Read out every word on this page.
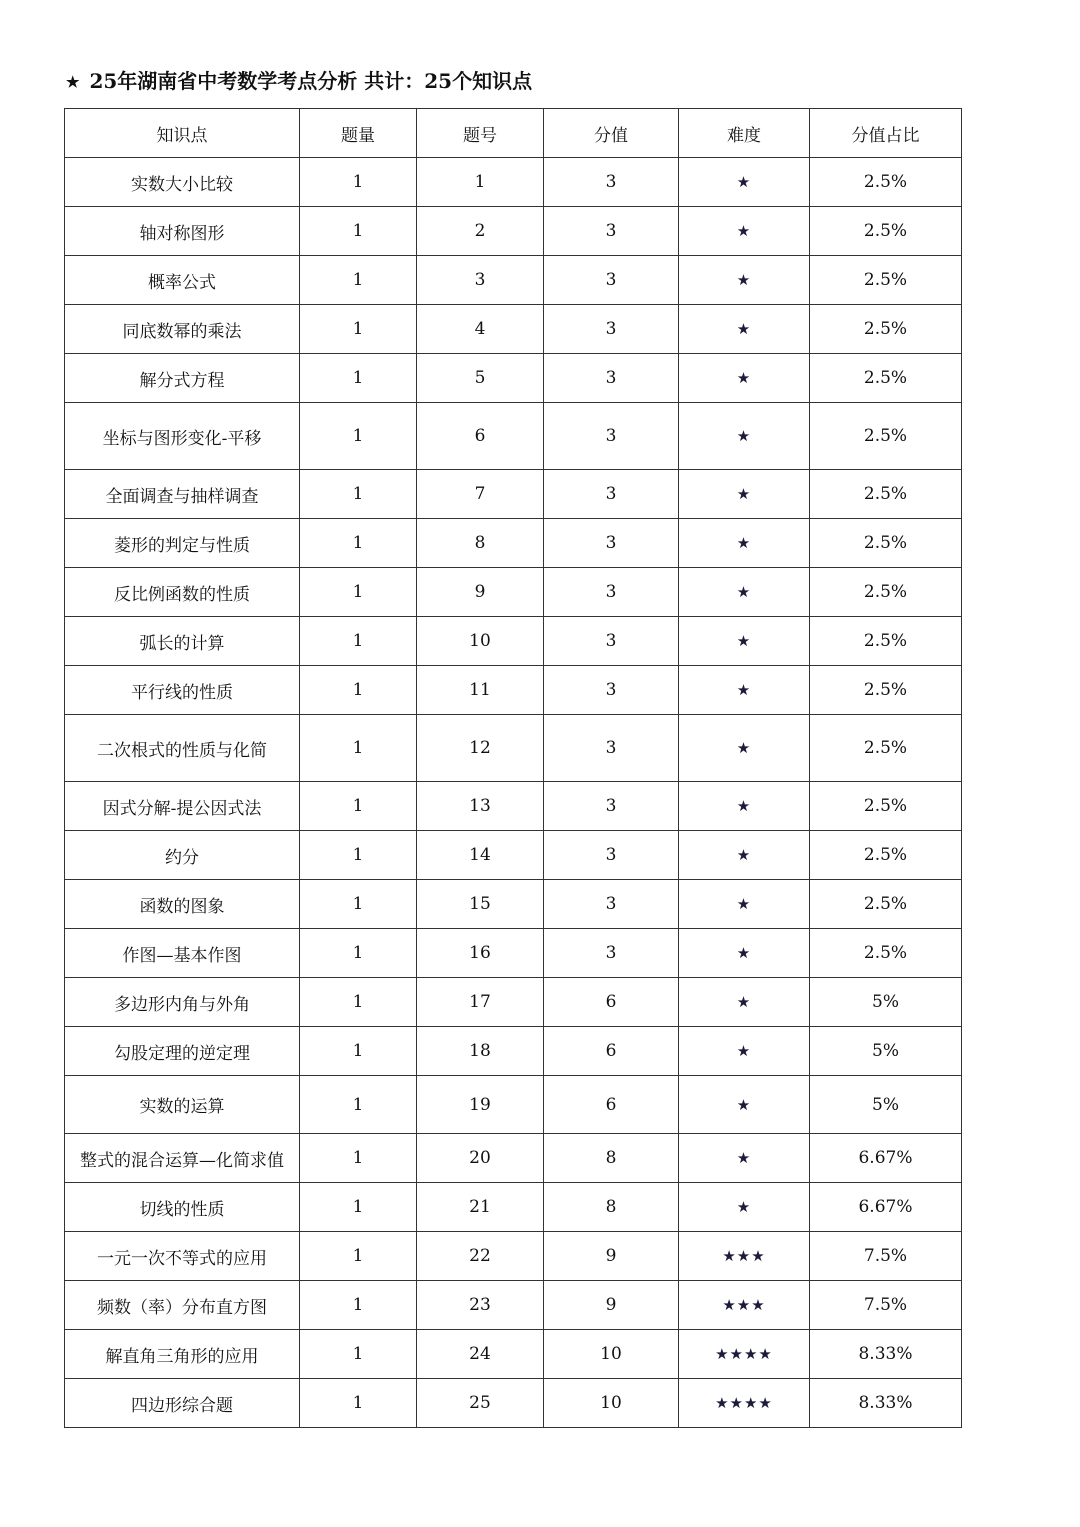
★ 25年湖南省中考数学考点分析 共计：25个知识点
知识点	题量	题号	分值	难度	分值占比
实数大小比较	1	1	3	★	2.5%
轴对称图形	1	2	3	★	2.5%
概率公式	1	3	3	★	2.5%
同底数幂的乘法	1	4	3	★	2.5%
解分式方程	1	5	3	★	2.5%
坐标与图形变化-平移	1	6	3	★	2.5%
全面调查与抽样调查	1	7	3	★	2.5%
菱形的判定与性质	1	8	3	★	2.5%
反比例函数的性质	1	9	3	★	2.5%
弧长的计算	1	10	3	★	2.5%
平行线的性质	1	11	3	★	2.5%
二次根式的性质与化简	1	12	3	★	2.5%
因式分解-提公因式法	1	13	3	★	2.5%
约分	1	14	3	★	2.5%
函数的图象	1	15	3	★	2.5%
作图—基本作图	1	16	3	★	2.5%
多边形内角与外角	1	17	6	★	5%
勾股定理的逆定理	1	18	6	★	5%
实数的运算	1	19	6	★	5%
整式的混合运算—化简求值	1	20	8	★	6.67%
切线的性质	1	21	8	★	6.67%
一元一次不等式的应用	1	22	9	★★★	7.5%
频数（率）分布直方图	1	23	9	★★★	7.5%
解直角三角形的应用	1	24	10	★★★★	8.33%
四边形综合题	1	25	10	★★★★	8.33%
